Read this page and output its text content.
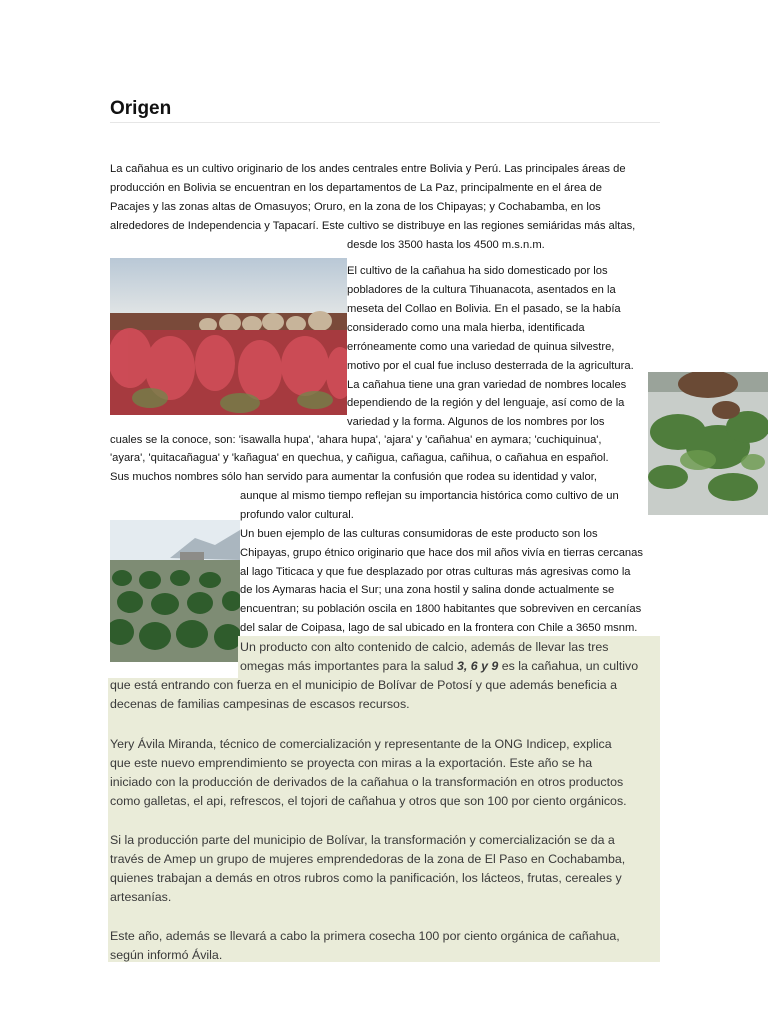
Origen
La cañahua es un cultivo originario de los andes centrales entre Bolivia y Perú. Las principales áreas de
producción en Bolivia se encuentran en los departamentos de La Paz, principalmente en el área de
Pacajes y las zonas altas de Omasuyos; Oruro, en la zona de los Chipayas; y Cochabamba, en los
alrededores de Independencia y Tapacarí. Este cultivo se distribuye en las regiones semiáridas más altas,
desde los 3500 hasta los 4500 m.s.n.m.
El cultivo de la cañahua ha sido domesticado por los
pobladores de la cultura Tihuanacota, asentados en la
meseta del Collao en Bolivia. En el pasado, se la había
considerado como una mala hierba, identificada
erróneamente como una variedad de quinua silvestre,
motivo por el cual fue incluso desterrada de la agricultura.
La cañahua tiene una gran variedad de nombres locales
dependiendo de la región y del lenguaje, así como de la
variedad y la forma. Algunos de los nombres por los
cuales se la conoce, son: 'isawalla hupa', 'ahara hupa', 'ajara' y 'cañahua' en aymara; 'cuchiquinua',
'ayara', 'quitacañagua' y 'kañagua' en quechua, y cañigua, cañagua, cañihua, o cañahua en español.
Sus muchos nombres sólo han servido para aumentar la confusión que rodea su identidad y valor,
aunque al mismo tiempo reflejan su importancia histórica como cultivo de un
profundo valor cultural.
Un buen ejemplo de las culturas consumidoras de este producto son los
Chipayas, grupo étnico originario que hace dos mil años vivía en tierras cercanas
al lago Titicaca y que fue desplazado por otras culturas más agresivas como la
de los Aymaras hacia el Sur; una zona hostil y salina donde actualmente se
encuentran; su población oscila en 1800 habitantes que sobreviven en cercanías
del salar de Coipasa, lago de sal ubicado en la frontera con Chile a 3650 msnm.
Un producto con alto contenido de calcio, además de llevar las tres
omegas más importantes para la salud 3, 6 y 9 es la cañahua, un cultivo
que está entrando con fuerza en el municipio de Bolívar de Potosí y que además beneficia a
decenas de familias campesinas de escasos recursos.
Yery Ávila Miranda, técnico de comercialización y representante de la ONG Indicep, explica
que este nuevo emprendimiento se proyecta con miras a la exportación. Este año se ha
iniciado con la producción de derivados de la cañahua o la transformación en otros productos
como galletas, el api, refrescos, el tojori de cañahua y otros que son 100 por ciento orgánicos.
Si la producción parte del municipio de Bolívar, la transformación y comercialización se da a
través de Amep un grupo de mujeres emprendedoras de la zona de El Paso en Cochabamba,
quienes trabajan a demás en otros rubros como la panificación, los lácteos, frutas, cereales y
artesanías.
Este año, además se llevará a cabo la primera cosecha 100 por ciento orgánica de cañahua,
según informó Ávila.
